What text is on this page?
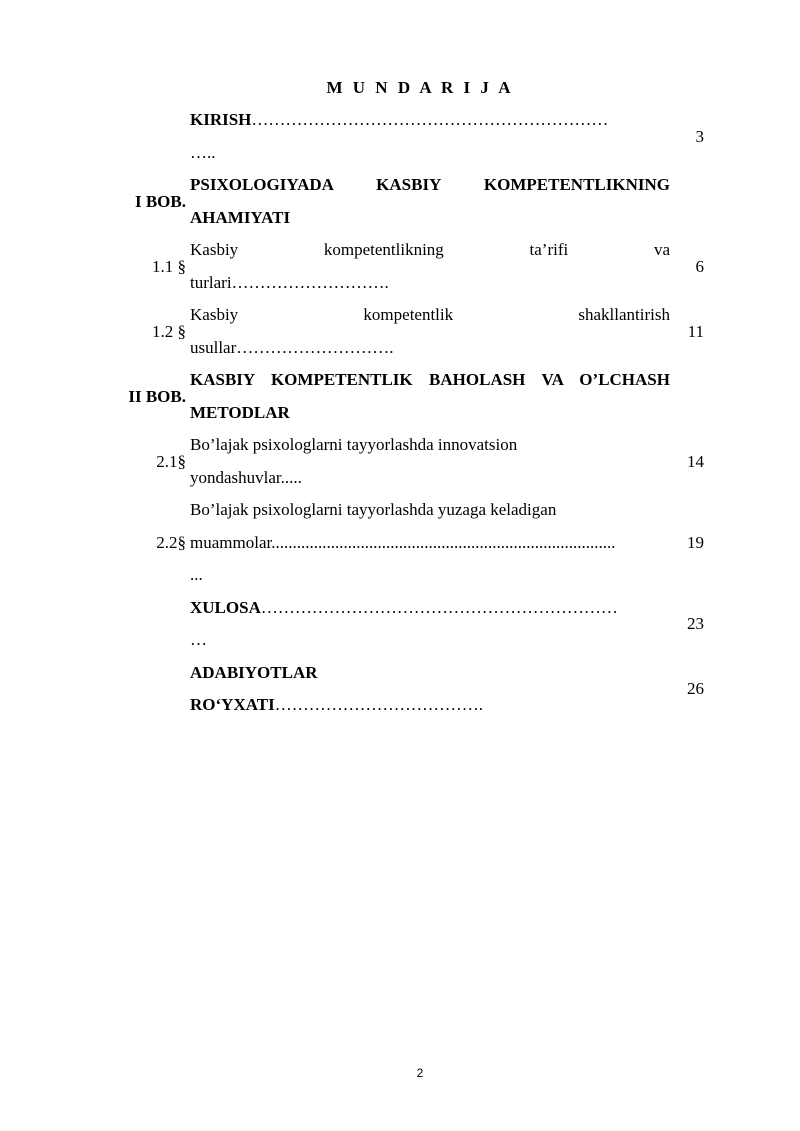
M U N D A R I J A

	KIRISH………………………………………………………
…..	3
I BOB.	PSIXOLOGIYADA KASBIY KOMPETENTLIKNING
AHAMIYATI	
1.1 §	Kasbiy kompetentlikning ta’rifi va
turlari……………………….	6
1.2 §	Kasbiy kompetentlik shakllantirish
usullar……………………….	11
II BOB.	KASBIY KOMPETENTLIK BAHOLASH VA O’LCHASH
METODLAR	
2.1§	Bo’lajak psixologlarni tayyorlashda innovatsion
yondashuvlar.....	14
2.2§	Bo’lajak psixologlarni tayyorlashda yuzaga keladigan
muammolar.................................................................................
...	19

	XULOSA………………………………………………………
…	23

	ADABIYOTLAR
RO‘YXATI……………………………….	26
2
